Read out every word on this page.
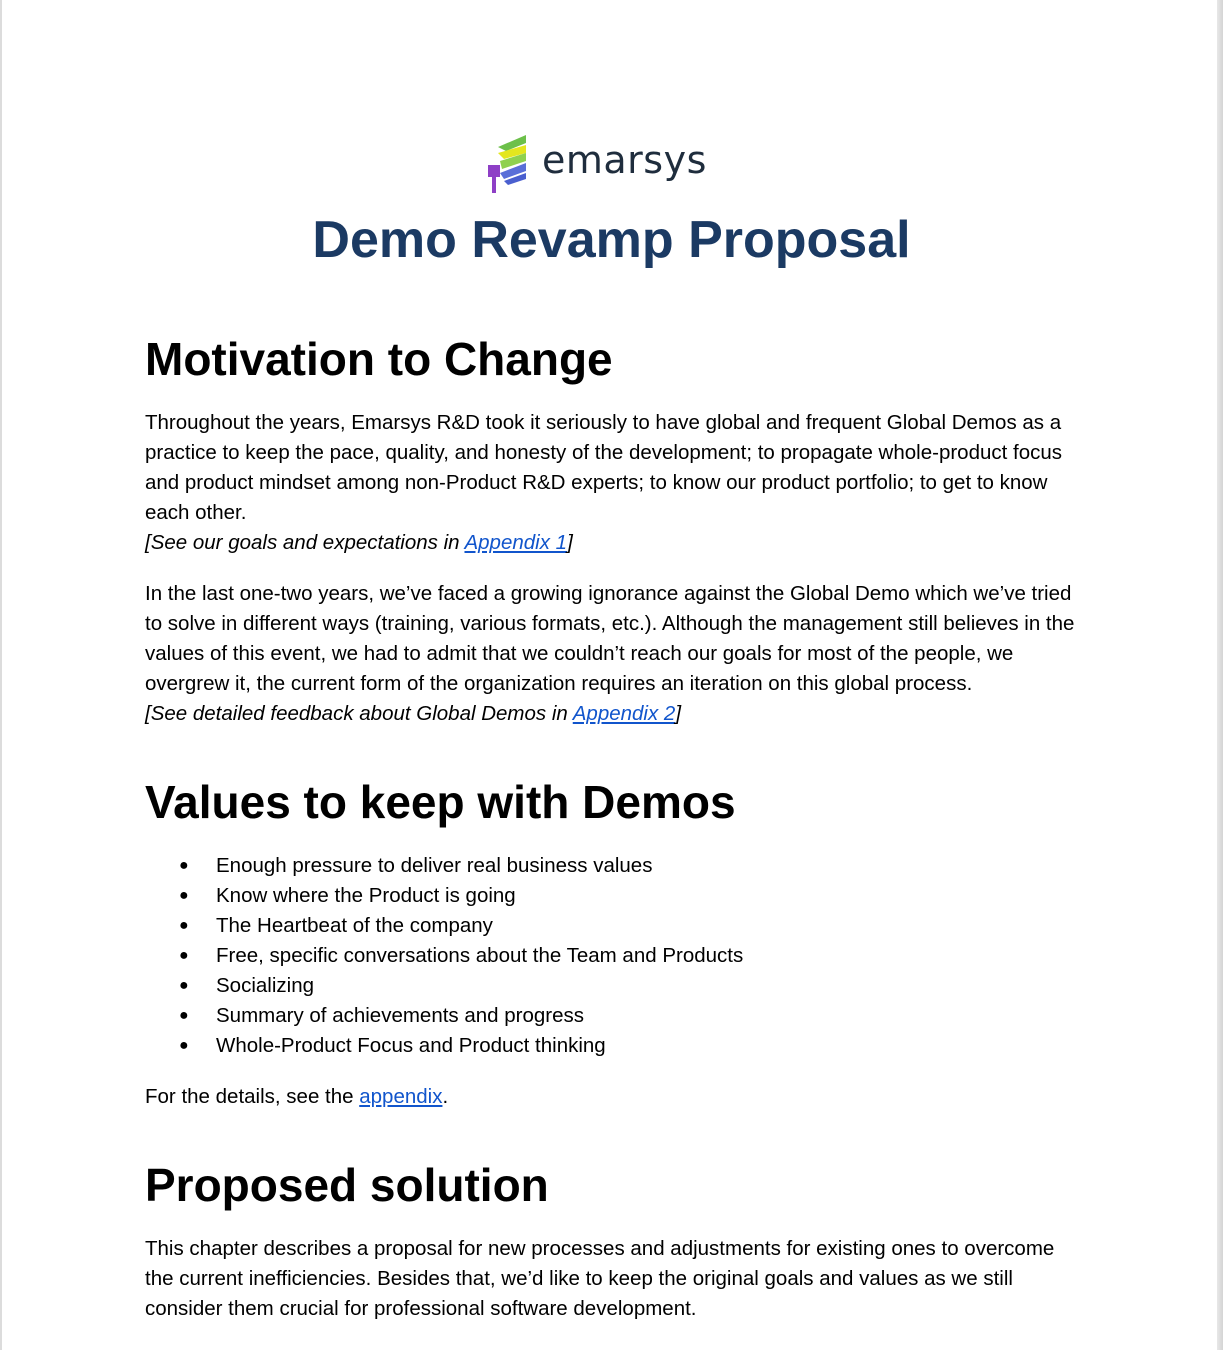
emarsys
Demo Revamp Proposal
Motivation to Change

Throughout the years, Emarsys R&D took it seriously to have global and frequent Global Demos as a practice to keep the pace, quality, and honesty of the development; to propagate whole-product focus and product mindset among non-Product R&D experts; to know our product portfolio; to get to know each other.

[See our goals and expectations in Appendix 1]

In the last one-two years, we’ve faced a growing ignorance against the Global Demo which we’ve tried to solve in different ways (training, various formats, etc.). Although the management still believes in the values of this event, we had to admit that we couldn’t reach our goals for most of the people, we overgrew it, the current form of the organization requires an iteration on this global process.

[See detailed feedback about Global Demos in Appendix 2]

Values to keep with Demos
● Enough pressure to deliver real business values
● Know where the Product is going
● The Heartbeat of the company
● Free, specific conversations about the Team and Products
● Socializing
● Summary of achievements and progress
● Whole-Product Focus and Product thinking

For the details, see the appendix.

Proposed solution

This chapter describes a proposal for new processes and adjustments for existing ones to overcome the current inefficiencies. Besides that, we’d like to keep the original goals and values as we still consider them crucial for professional software development.
